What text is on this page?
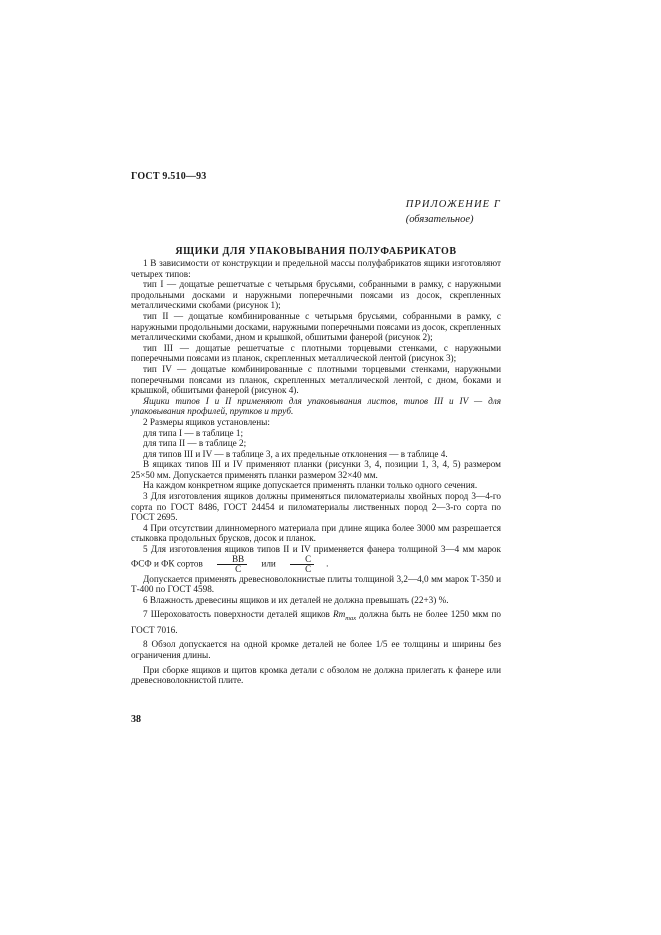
ГОСТ 9.510—93
ПРИЛОЖЕНИЕ Г
(обязательное)
ЯЩИКИ ДЛЯ УПАКОВЫВАНИЯ ПОЛУФАБРИКАТОВ

1 В зависимости от конструкции и предельной массы полуфабрикатов ящики изготовляют четырех типов:

тип I — дощатые решетчатые с четырьмя брусьями, собранными в рамку, с наружными продольными досками и наружными поперечными поясами из досок, скрепленных металлическими скобами (рисунок 1);

тип II — дощатые комбинированные с четырьмя брусьями, собранными в рамку, с наружными продольными досками, наружными поперечными поясами из досок, скрепленных металлическими скобами, дном и крышкой, обшитыми фанерой (рисунок 2);

тип III — дощатые решетчатые с плотными торцевыми стенками, с наружными поперечными поясами из планок, скрепленных металлической лентой (рисунок 3);

тип IV — дощатые комбинированные с плотными торцевыми стенками, наружными поперечными поясами из планок, скрепленных металлической лентой, с дном, боками и крышкой, обшитыми фанерой (рисунок 4).

Ящики типов I и II применяют для упаковывания листов, типов III и IV — для упаковывания профилей, прутков и труб.

2 Размеры ящиков установлены:

для типа I — в таблице 1;

для типа II — в таблице 2;

для типов III и IV — в таблице 3, а их предельные отклонения — в таблице 4.

В ящиках типов III и IV применяют планки (рисунки 3, 4, позиции 1, 3, 4, 5) размером 25×50 мм. Допускается применять планки размером 32×40 мм.

На каждом конкретном ящике допускается применять планки только одного сечения.

3 Для изготовления ящиков должны применяться пиломатериалы хвойных пород 3—4-го сорта по ГОСТ 8486, ГОСТ 24454 и пиломатериалы лиственных пород 2—3-го сорта по ГОСТ 2695.

4 При отсутствии длинномерного материала при длине ящика более 3000 мм разрешается стыковка продольных брусков, досок и планок.

5 Для изготовления ящиков типов II и IV применяется фанера толщиной 3—4 мм марок ФСФ и ФК сортов $\frac{ВВ}{С}$ или $\frac{С}{С}$ .

Допускается применять древесноволокнистые плиты толщиной 3,2—4,0 мм марок Т-350 и Т-400 по ГОСТ 4598.

6 Влажность древесины ящиков и их деталей не должна превышать (22+3) %.

7 Шероховатость поверхности деталей ящиков $Rm_{max}$ должна быть не более 1250 мкм по ГОСТ 7016.

8 Обзол допускается на одной кромке деталей не более 1/5 ее толщины и ширины без ограничения длины.

При сборке ящиков и щитов кромка детали с обзолом не должна прилегать к фанере или древесноволокнистой плите.

38
